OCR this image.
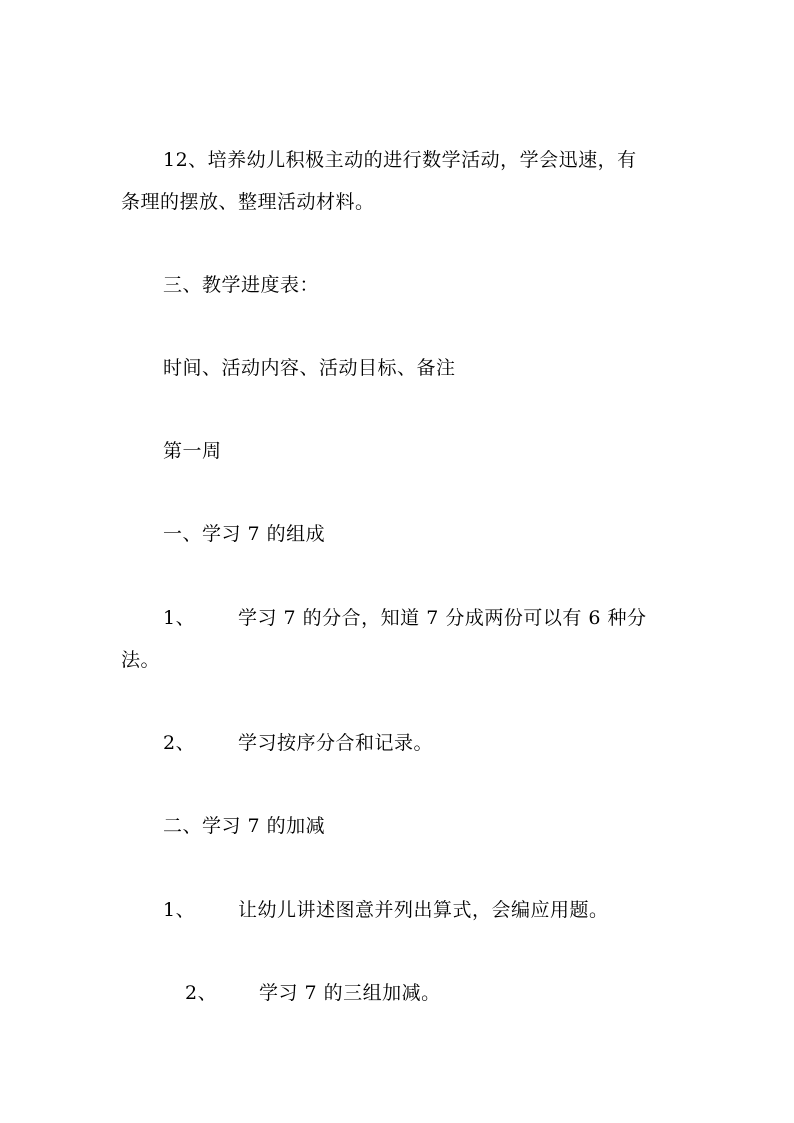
12、培养幼儿积极主动的进行数学活动，学会迅速，有
条理的摆放、整理活动材料。
三、教学进度表：
时间、活动内容、活动目标、备注
第一周
一、学习 7 的组成
1、 学习 7 的分合，知道 7 分成两份可以有 6 种分
法。
2、 学习按序分合和记录。
二、学习 7 的加减
1、 让幼儿讲述图意并列出算式，会编应用题。
2、 学习 7 的三组加减。
